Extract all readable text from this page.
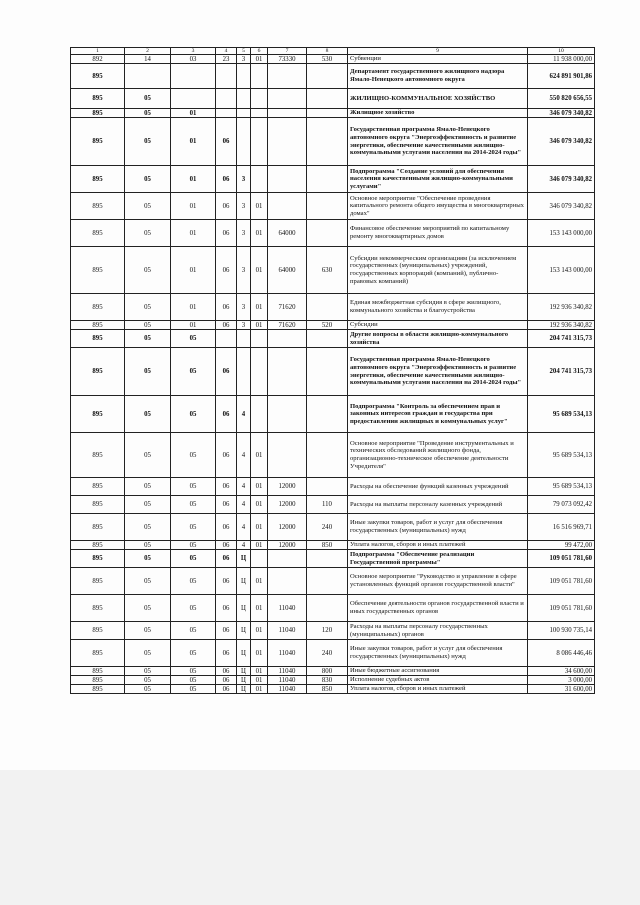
1	2	3	4	5	6	7	8	9	10
892	14	03	23	3	01	73330	530	Субвенции	11 938 000,00
895								Департамент государственного жилищного надзора Ямало-Ненецкого автономного округа	624 891 901,86
895	05							ЖИЛИЩНО-КОММУНАЛЬНОЕ ХОЗЯЙСТВО	550 820 656,55
895	05	01						Жилищное хозяйство	346 079 340,82
895	05	01	06					Государственная программа Ямало-Ненецкого автономного округа "Энергоэффективность и развитие энергетики, обеспечение качественными жилищно-коммунальными услугами населения на 2014-2024 годы"	346 079 340,82
895	05	01	06	3				Подпрограмма "Создание условий для обеспечения населения качественными жилищно-коммунальными услугами"	346 079 340,82
895	05	01	06	3	01			Основное мероприятие "Обеспечение проведения капитального ремонта общего имущества в многоквартирных домах"	346 079 340,82
895	05	01	06	3	01	64000		Финансовое обеспечение мероприятий по капитальному ремонту многоквартирных домов	153 143 000,00
895	05	01	06	3	01	64000	630	Субсидии некоммерческим организациям (за исключением государственных (муниципальных) учреждений, государственных корпораций (компаний), публично-правовых компаний)	153 143 000,00
895	05	01	06	3	01	71620		Единая межбюджетная субсидия в сфере жилищного, коммунального хозяйства и благоустройства	192 936 340,82
895	05	01	06	3	01	71620	520	Субсидии	192 936 340,82
895	05	05						Другие вопросы в области жилищно-коммунального хозяйства	204 741 315,73
895	05	05	06					Государственная программа Ямало-Ненецкого автономного округа "Энергоэффективность и развитие энергетики, обеспечение качественными жилищно-коммунальными услугами населения на 2014-2024 годы"	204 741 315,73
895	05	05	06	4				Подпрограмма "Контроль за обеспечением прав и законных интересов граждан и государства при предоставлении жилищных и коммунальных услуг"	95 689 534,13
895	05	05	06	4	01			Основное мероприятие "Проведение инструментальных и технических обследований жилищного фонда, организационно-техническое обеспечение деятельности Учредителя"	95 689 534,13
895	05	05	06	4	01	12000		Расходы на обеспечение функций казенных учреждений	95 689 534,13
895	05	05	06	4	01	12000	110	Расходы на выплаты персоналу казенных учреждений	79 073 092,42
895	05	05	06	4	01	12000	240	Иные закупки товаров, работ и услуг для обеспечения государственных (муниципальных) нужд	16 516 969,71
895	05	05	06	4	01	12000	850	Уплата налогов, сборов и иных платежей	99 472,00
895	05	05	06	Ц				Подпрограмма "Обеспечение реализации Государственной программы"	109 051 781,60
895	05	05	06	Ц	01			Основное мероприятие "Руководство и управление в сфере установленных функций органов государственной власти"	109 051 781,60
895	05	05	06	Ц	01	11040		Обеспечение деятельности органов государственной власти и иных государственных органов	109 051 781,60
895	05	05	06	Ц	01	11040	120	Расходы на выплаты персоналу государственных (муниципальных) органов	100 930 735,14
895	05	05	06	Ц	01	11040	240	Иные закупки товаров, работ и услуг для обеспечения государственных (муниципальных) нужд	8 086 446,46
895	05	05	06	Ц	01	11040	800	Иные бюджетные ассигнования	34 600,00
895	05	05	06	Ц	01	11040	830	Исполнение судебных актов	3 000,00
895	05	05	06	Ц	01	11040	850	Уплата налогов, сборов и иных платежей	31 600,00
